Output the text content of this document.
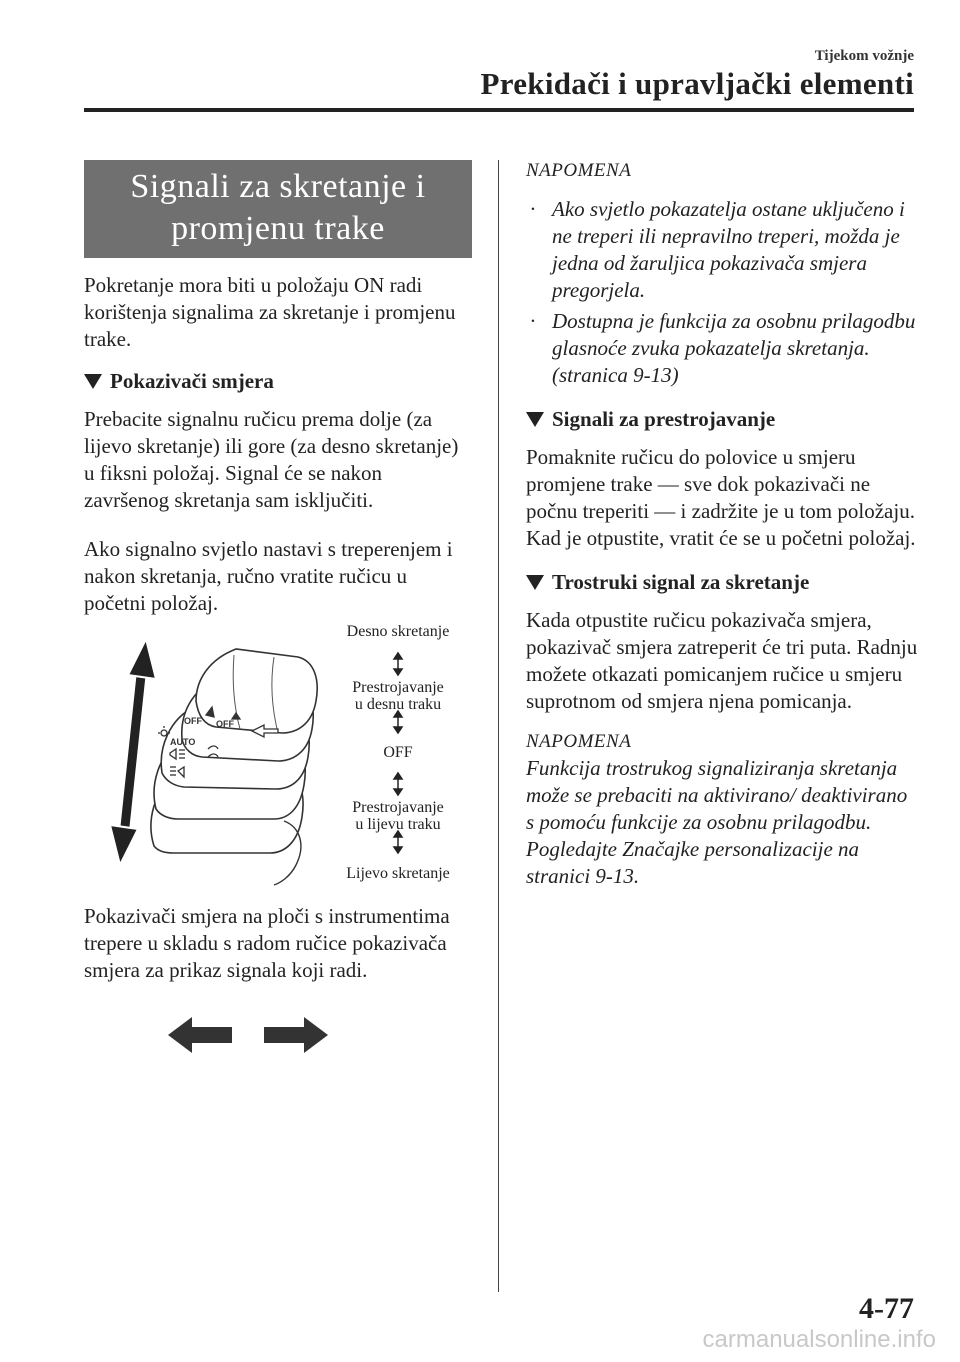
Tijekom vožnje
Prekidači i upravljački elementi
Signali za skretanje i
promjenu trake

Pokretanje mora biti u položaju ON radi korištenja signalima za skretanje i promjenu trake.

Pokazivači smjera

Prebacite signalnu ručicu prema dolje (za lijevo skretanje) ili gore (za desno skretanje) u fiksni položaj. Signal će se nakon završenog skretanja sam isključiti.

Ako signalno svjetlo nastavi s treperenjem i nakon skretanja, ručno vratite ručicu u početni položaj.

OFF OFF
AUTO
Desno skretanje
Prestrojavanje
u desnu traku
OFF
Prestrojavanje
u lijevu traku
Lijevo skretanje

Pokazivači smjera na ploči s instrumentima trepere u skladu s radom ručice pokazivača smjera za prikaz signala koji radi.

NAPOMENA
· Ako svjetlo pokazatelja ostane uključeno i ne treperi ili nepravilno treperi, možda je jedna od žaruljica pokazivača smjera pregorjela.

· Dostupna je funkcija za osobnu prilagodbu glasnoće zvuka pokazatelja skretanja. (stranica 9-13)

Signali za prestrojavanje

Pomaknite ručicu do polovice u smjeru promjene trake — sve dok pokazivači ne počnu treperiti — i zadržite je u tom položaju. Kad je otpustite, vratit će se u početni položaj.

Trostruki signal za skretanje

Kada otpustite ručicu pokazivača smjera, pokazivač smjera zatreperit će tri puta. Radnju možete otkazati pomicanjem ručice u smjeru suprotnom od smjera njena pomicanja.

NAPOMENA

Funkcija trostrukog signaliziranja skretanja može se prebaciti na aktivirano/ deaktivirano s pomoću funkcije za osobnu prilagodbu. Pogledajte Značajke personalizacije na stranici 9-13.

4-77
carmanualsonline.info
